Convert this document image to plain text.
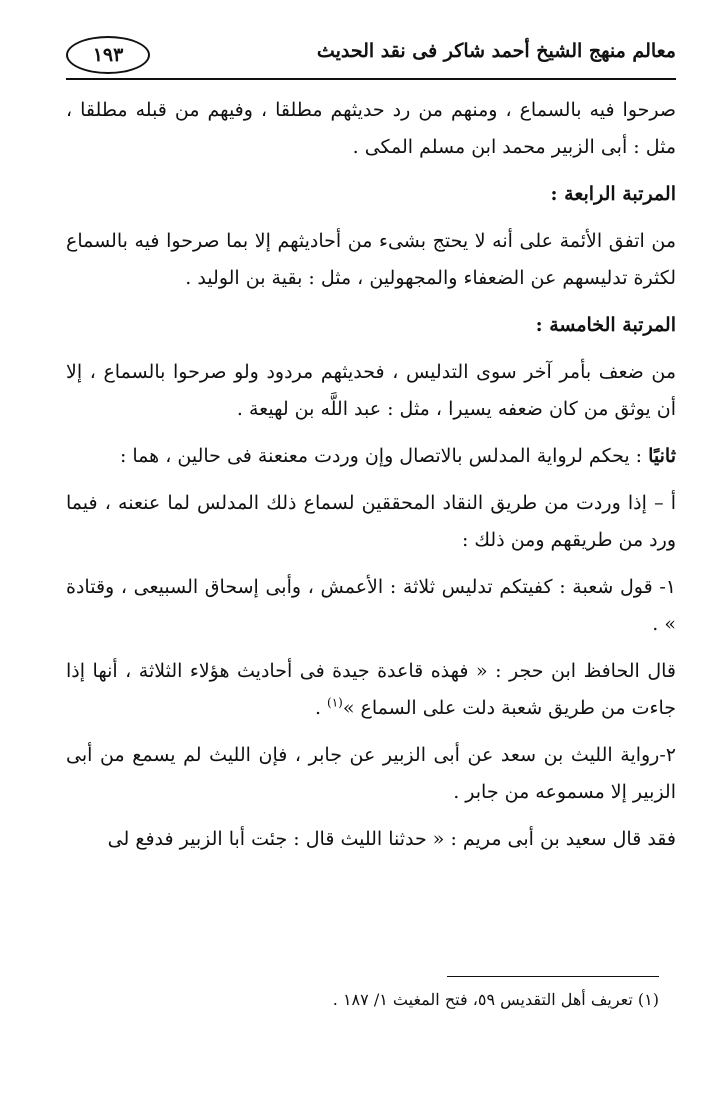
معالم منهج الشيخ أحمد شاكر فى نقد الحديث
١٩٣

صرحوا فيه بالسماع ، ومنهم من رد حديثهم مطلقا ، وفيهم من قبله مطلقا ، مثل : أبى الزبير محمد ابن مسلم المكى .

المرتبة الرابعة :

من اتفق الأئمة على أنه لا يحتج بشىء من أحاديثهم إلا بما صرحوا فيه بالسماع لكثرة تدليسهم عن الضعفاء والمجهولين ، مثل : بقية بن الوليد .

المرتبة الخامسة :

من ضعف بأمر آخر سوى التدليس ، فحديثهم مردود ولو صرحوا بالسماع ، إلا أن يوثق من كان ضعفه يسيرا ، مثل : عبد اللَّه بن لهيعة .

ثانيًا : يحكم لرواية المدلس بالاتصال وإن وردت معنعنة فى حالين ، هما :

أ – إذا وردت من طريق النقاد المحققين لسماع ذلك المدلس لما عنعنه ، فيما ورد من طريقهم ومن ذلك :

١- قول شعبة : كفيتكم تدليس ثلاثة : الأعمش ، وأبى إسحاق السبيعى ، وقتادة » .

قال الحافظ ابن حجر : « فهذه قاعدة جيدة فى أحاديث هؤلاء الثلاثة ، أنها إذا جاءت من طريق شعبة دلت على السماع »$^{(١)}$ .

٢-رواية الليث بن سعد عن أبى الزبير عن جابر ، فإن الليث لم يسمع من أبى الزبير إلا مسموعه من جابر .

فقد قال سعيد بن أبى مريم : « حدثنا الليث قال : جئت أبا الزبير فدفع لى

(١) تعريف أهل التقديس ٥٩، فتح المغيث ١/ ١٨٧ .
